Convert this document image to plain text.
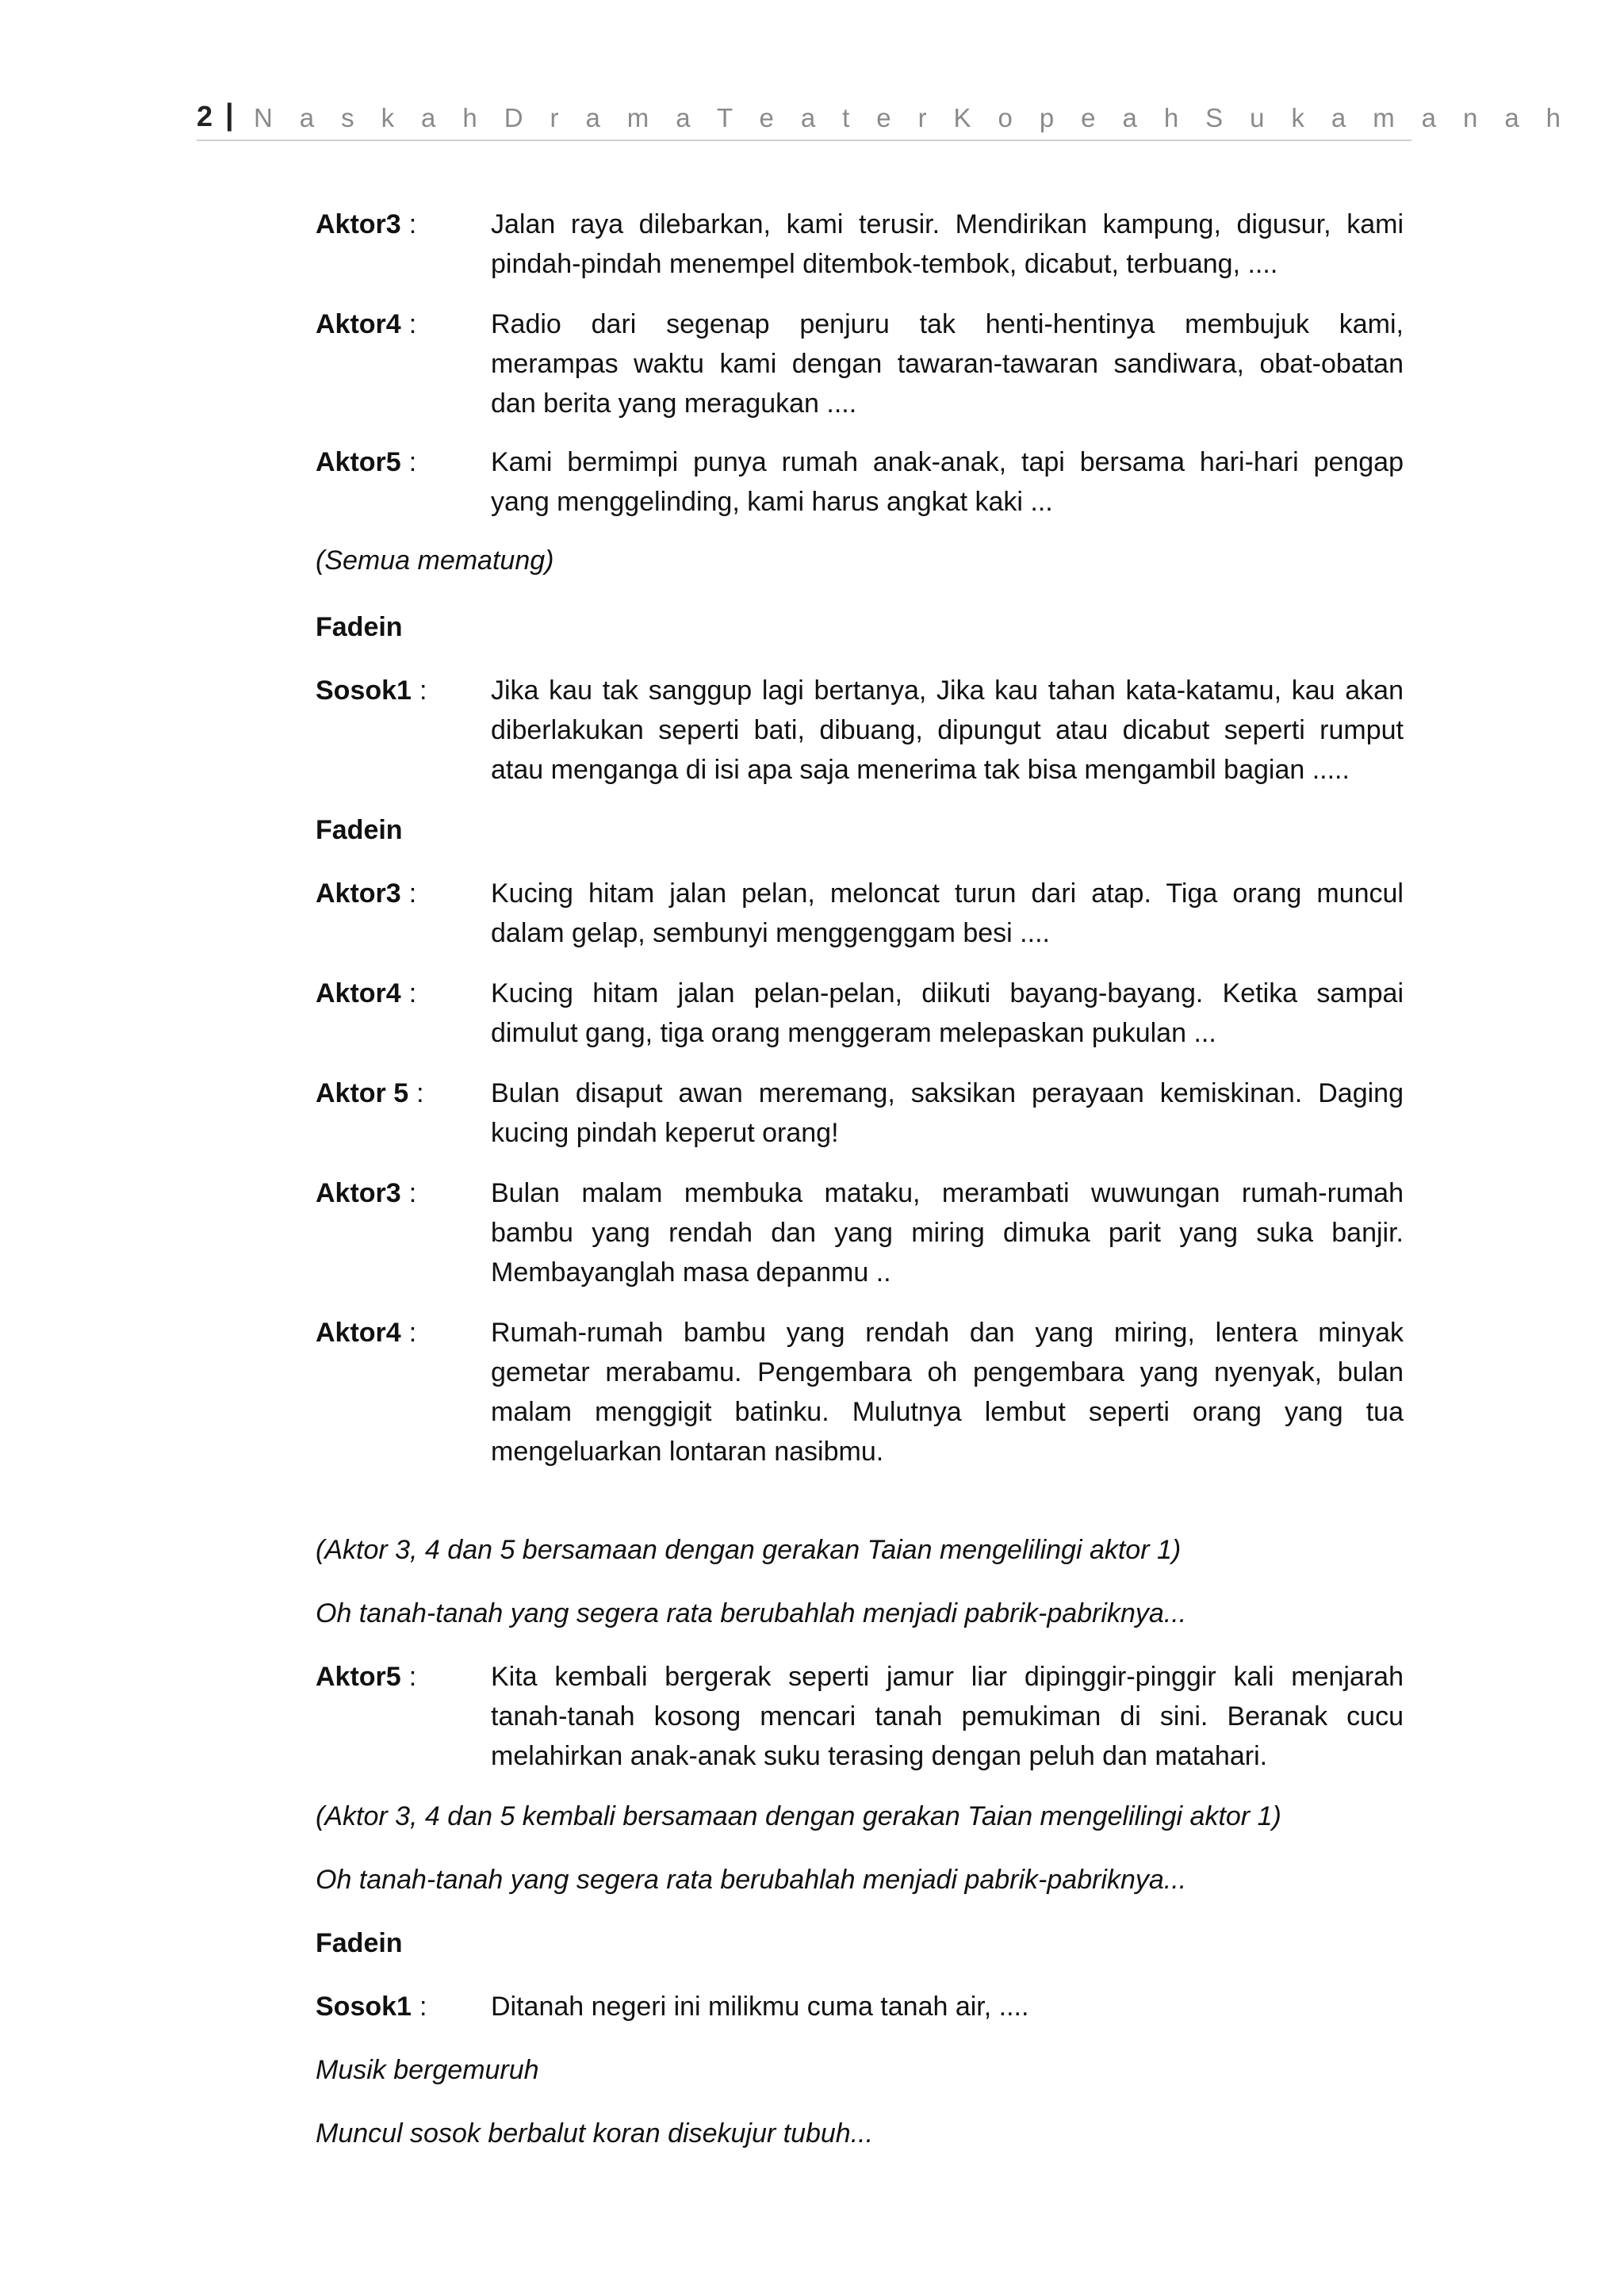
2 | N a s k a h D r a m a T e a t e r K o p e a h S u k a m a n a h
Aktor3 :	Jalan raya dilebarkan, kami terusir. Mendirikan kampung, digusur, kami
pindah-pindah menempel ditembok-tembok, dicabut, terbuang, ....
Aktor4 :	Radio dari segenap penjuru tak henti-hentinya membujuk kami,
merampas waktu kami dengan tawaran-tawaran sandiwara, obat-obatan
dan berita yang meragukan ....
Aktor5 :	Kami bermimpi punya rumah anak-anak, tapi bersama hari-hari pengap
yang menggelinding, kami harus angkat kaki ...
(Semua mematung)
Fadein
Sosok1 : Jika kau tak sanggup lagi bertanya, Jika kau tahan kata-katamu, kau akan
diberlakukan seperti bati, dibuang, dipungut atau dicabut seperti rumput
atau menganga di isi apa saja menerima tak bisa mengambil bagian .....
Fadein
Aktor3 :	Kucing hitam jalan pelan, meloncat turun dari atap. Tiga orang muncul
dalam gelap, sembunyi menggenggam besi ....
Aktor4 :	Kucing hitam jalan pelan-pelan, diikuti bayang-bayang. Ketika sampai
dimulut gang, tiga orang menggeram melepaskan pukulan ...
Aktor 5 : Bulan disaput awan meremang, saksikan perayaan kemiskinan. Daging
kucing pindah keperut orang!
Aktor3 :	Bulan malam membuka mataku, merambati wuwungan rumah-rumah
bambu yang rendah dan yang miring dimuka parit yang suka banjir.
Membayanglah masa depanmu ..
Aktor4 :	Rumah-rumah bambu yang rendah dan yang miring, lentera minyak
gemetar merabamu. Pengembara oh pengembara yang nyenyak, bulan
malam menggigit batinku. Mulutnya lembut seperti orang yang tua
mengeluarkan lontaran nasibmu.
(Aktor 3, 4 dan 5 bersamaan dengan gerakan Taian mengelilingi aktor 1)
Oh tanah-tanah yang segera rata berubahlah menjadi pabrik-pabriknya...
Aktor5 :	Kita kembali bergerak seperti jamur liar dipinggir-pinggir kali menjarah
tanah-tanah kosong mencari tanah pemukiman di sini. Beranak cucu
melahirkan anak-anak suku terasing dengan peluh dan matahari.
(Aktor 3, 4 dan 5 kembali bersamaan dengan gerakan Taian mengelilingi aktor 1)
Oh tanah-tanah yang segera rata berubahlah menjadi pabrik-pabriknya...
Fadein
Sosok1 : Ditanah negeri ini milikmu cuma tanah air, ....
Musik bergemuruh
Muncul sosok berbalut koran disekujur tubuh...
